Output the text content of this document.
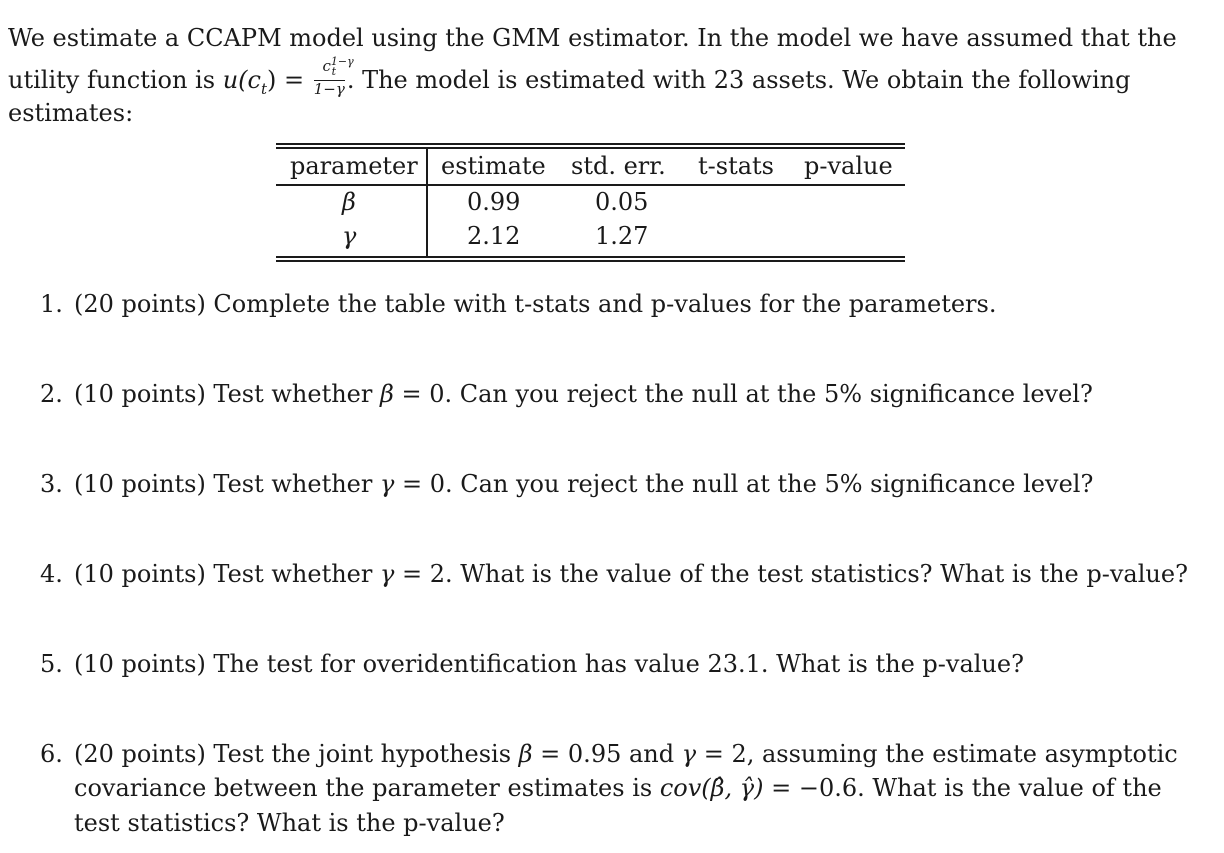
We estimate a CCAPM model using the GMM estimator. In the model we have assumed that the
utility function is $u(c_t) = \frac{c^{1-\gamma}_t}{1-\gamma}$ . The model is estimated with 23 assets. We obtain the following
estimates:
parameter estimate std. err. t-stats p-value
β	0.99	0.05
γ	2.12	1.27
1. (20 points) Complete the table with t-stats and p-values for the parameters.
2. (10 points) Test whether β = 0. Can you reject the null at the 5% significance level?
3. (10 points) Test whether γ = 0. Can you reject the null at the 5% significance level?
4. (10 points) Test whether γ = 2. What is the value of the test statistics? What is the p-value?
5. (10 points) The test for overidentification has value 23.1. What is the p-value?
6. (20 points) Test the joint hypothesis β = 0.95 and γ = 2, assuming the estimate asymptotic
covariance between the parameter estimates is cov(β̂, γ̂) = −0.6. What is the value of the
test statistics? What is the p-value?
